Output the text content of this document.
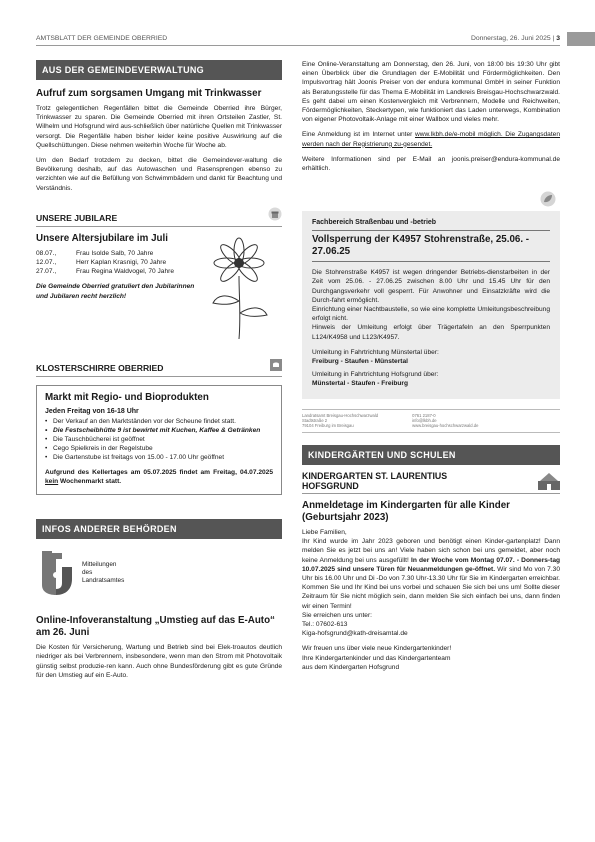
AMTSBLATT DER GEMEINDE OBERRIED	Donnerstag, 26. Juni 2025 | 3
AUS DER GEMEINDEVERWALTUNG
Aufruf zum sorgsamen Umgang mit Trinkwasser

Trotz gelegentlichen Regenfällen bittet die Gemeinde Oberried ihre Bürger, Trinkwasser zu sparen. Die Gemeinde Oberried mit ihren Ortsteilen Zastler, St. Wilhelm und Hofsgrund wird aus-schließlich über natürliche Quellen mit Trinkwasser versorgt. Die Regenfälle haben bisher leider keine positive Auswirkung auf die Quellschüttungen. Diese nehmen weiterhin Woche für Woche ab.

Um den Bedarf trotzdem zu decken, bittet die Gemeindever-waltung die Bevölkerung deshalb, auf das Autowaschen und Rasensprengen ebenso zu verzichten wie auf die Befüllung von Schwimmbädern und dankt für Beachtung und Verständnis.

UNSERE JUBILARE
Unsere Altersjubilare im Juli
08.07.,	Frau Isolde Salb, 70 Jahre
12.07.,	Herr Kaplan Krasnigi, 70 Jahre
27.07.,	Frau Regina Waldvogel, 70 Jahre

Die Gemeinde Oberried gratuliert den Jubilarinnen und Jubilaren recht herzlich!

KLOSTERSCHIRRE OBERRIED
Markt mit Regio- und Bioprodukten
Jeden Freitag von 16-18 Uhr
• Der Verkauf an den Marktständen vor der Scheune findet statt.
• Die Festscheibhütte 9 ist bewirtet mit Kuchen, Kaffee & Getränken
• Die Tauschbücherei ist geöffnet
• Cego Spielkreis in der Regelstube
• Die Gartenstube ist freitags von 15.00 - 17.00 Uhr geöffnet

Aufgrund des Kellertages am 05.07.2025 findet am Freitag, 04.07.2025 kein Wochenmarkt statt.

INFOS ANDERER BEHÖRDEN
Mitteilungen
des
Landratsamtes
Online-Infoveranstaltung „Umstieg auf das E-Auto“ am 26. Juni

Die Kosten für Versicherung, Wartung und Betrieb sind bei Elek-troautos deutlich niedriger als bei Verbrennern, insbesondere, wenn man den Strom mit Photovoltaik günstig selbst produzie-ren kann. Auch ohne Bundesförderung gibt es gute Gründe für den Umstieg auf ein E-Auto.

Eine Online-Veranstaltung am Donnerstag, den 26. Juni, von 18:00 bis 19:30 Uhr gibt einen Überblick über die Grundlagen der E-Mobilität und Fördermöglichkeiten. Den Impulsvortrag hält Joonis Preiser von der endura kommunal GmbH in seiner Funktion als Beratungsstelle für das Thema E-Mobilität im Landkreis Breisgau-Hochschwarzwald. Es geht dabei um einen Kostenvergleich mit Verbrennern, Modelle und Reichweiten, Fördermöglichkeiten, Steckertypen, wie funktioniert das Laden unterwegs, Kombination von eigener Photovoltaik-Anlage mit einer Wallbox und vieles mehr.

Eine Anmeldung ist im Internet unter www.lkbh.de/e-mobil möglich. Die Zugangsdaten werden nach der Registrierung zu-gesendet.

Weitere Informationen sind per E-Mail an joonis.preiser@endura-kommunal.de erhältlich.

Fachbereich Straßenbau und -betrieb
Vollsperrung der K4957 Stohrenstraße, 25.06. - 27.06.25

Die Stohrenstraße K4957 ist wegen dringender Betriebs-dienstarbeiten in der Zeit vom 25.06. - 27.06.25 zwischen 8.00 Uhr und 15.45 Uhr für den Durchgangsverkehr voll gesperrt. Für Anwohner und Einsatzkräfte wird die Durch-fahrt ermöglicht.

Einrichtung einer Nachtbaustelle, so wie eine komplette Umleitungsbeschreibung erfolgt nicht.

Hinweis der Umleitung erfolgt über Trägertafeln an den Sperrpunkten L124/K4958 und L123/K4957.

Umleitung in Fahrtrichtung Münstertal über:
Freiburg - Staufen - Münstertal

Umleitung in Fahrtrichtung Hofsgrund über:
Münstertal - Staufen - Freiburg

Landratsamt Breisgau-Hochschwarzwald
Stadtstraße 2
79104 Freiburg im Breisgau
0761 2187-0
info@lkbh.de
www.breisgau-hochschwarzwald.de
KINDERGÄRTEN UND SCHULEN
KINDERGARTEN ST. LAURENTIUS HOFSGRUND
Anmeldetage im Kindergarten für alle Kinder (Geburtsjahr 2023)

Liebe Familien,

Ihr Kind wurde im Jahr 2023 geboren und benötigt einen Kinder-gartenplatz! Dann melden Sie es jetzt bei uns an! Viele haben sich schon bei uns gemeldet, aber noch keine Anmeldung bei uns ausgefüllt! In der Woche vom Montag 07.07. - Donners-tag 10.07.2025 sind unsere Türen für Neuanmeldungen ge-öffnet. Wir sind Mo von 7.30 Uhr bis 16.00 Uhr und Di -Do von 7.30 Uhr-13.30 Uhr für Sie im Kindergarten erreichbar. Kommen Sie und Ihr Kind bei uns vorbei und schauen Sie sich bei uns um! Sollte dieser Zeitraum für Sie nicht möglich sein, dann melden Sie sich einfach bei uns, dann finden wir einen Termin!

Sie erreichen uns unter:
Tel.: 07602-613
Kiga-hofsgrund@kath-dreisamtal.de

Wir freuen uns über viele neue Kindergartenkinder!
Ihre Kindergartenkinder und das Kindergartenteam
aus dem Kindergarten Hofsgrund
